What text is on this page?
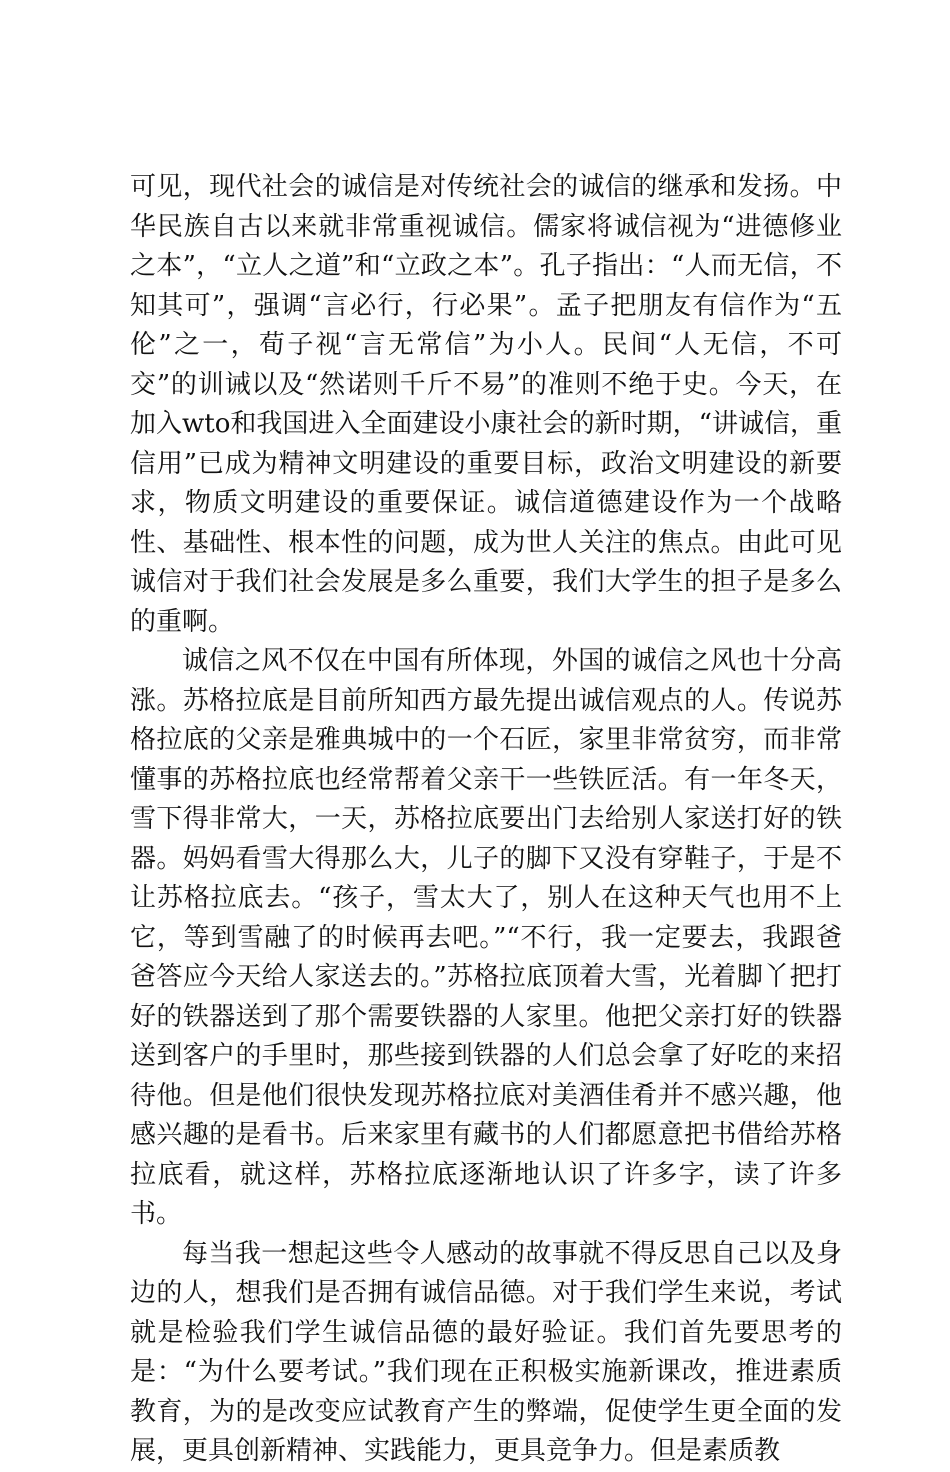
可见，现代社会的诚信是对传统社会的诚信的继承和发扬。中华民族自古以来就非常重视诚信。儒家将诚信视为“进德修业之本”，“立人之道”和“立政之本”。孔子指出：“人而无信，不知其可”，强调“言必行，行必果”。孟子把朋友有信作为“五伦”之一，荀子视“言无常信”为小人。民间“人无信，不可交”的训诫以及“然诺则千斤不易”的准则不绝于史。今天，在加入wto和我国进入全面建设小康社会的新时期，“讲诚信，重信用”已成为精神文明建设的重要目标，政治文明建设的新要求，物质文明建设的重要保证。诚信道德建设作为一个战略性、基础性、根本性的问题，成为世人关注的焦点。由此可见诚信对于我们社会发展是多么重要，我们大学生的担子是多么的重啊。

诚信之风不仅在中国有所体现，外国的诚信之风也十分高涨。苏格拉底是目前所知西方最先提出诚信观点的人。传说苏格拉底的父亲是雅典城中的一个石匠，家里非常贫穷，而非常懂事的苏格拉底也经常帮着父亲干一些铁匠活。有一年冬天，雪下得非常大，一天，苏格拉底要出门去给别人家送打好的铁器。妈妈看雪大得那么大，儿子的脚下又没有穿鞋子，于是不让苏格拉底去。“孩子，雪太大了，别人在这种天气也用不上它，等到雪融了的时候再去吧。”“不行，我一定要去，我跟爸爸答应今天给人家送去的。”苏格拉底顶着大雪，光着脚丫把打好的铁器送到了那个需要铁器的人家里。他把父亲打好的铁器送到客户的手里时，那些接到铁器的人们总会拿了好吃的来招待他。但是他们很快发现苏格拉底对美酒佳肴并不感兴趣，他感兴趣的是看书。后来家里有藏书的人们都愿意把书借给苏格拉底看，就这样，苏格拉底逐渐地认识了许多字，读了许多书。

每当我一想起这些令人感动的故事就不得反思自己以及身边的人，想我们是否拥有诚信品德。对于我们学生来说，考试就是检验我们学生诚信品德的最好验证。我们首先要思考的是：“为什么要考试。”我们现在正积极实施新课改，推进素质教育，为的是改变应试教育产生的弊端，促使学生更全面的发展，更具创新精神、实践能力，更具竞争力。但是素质教
